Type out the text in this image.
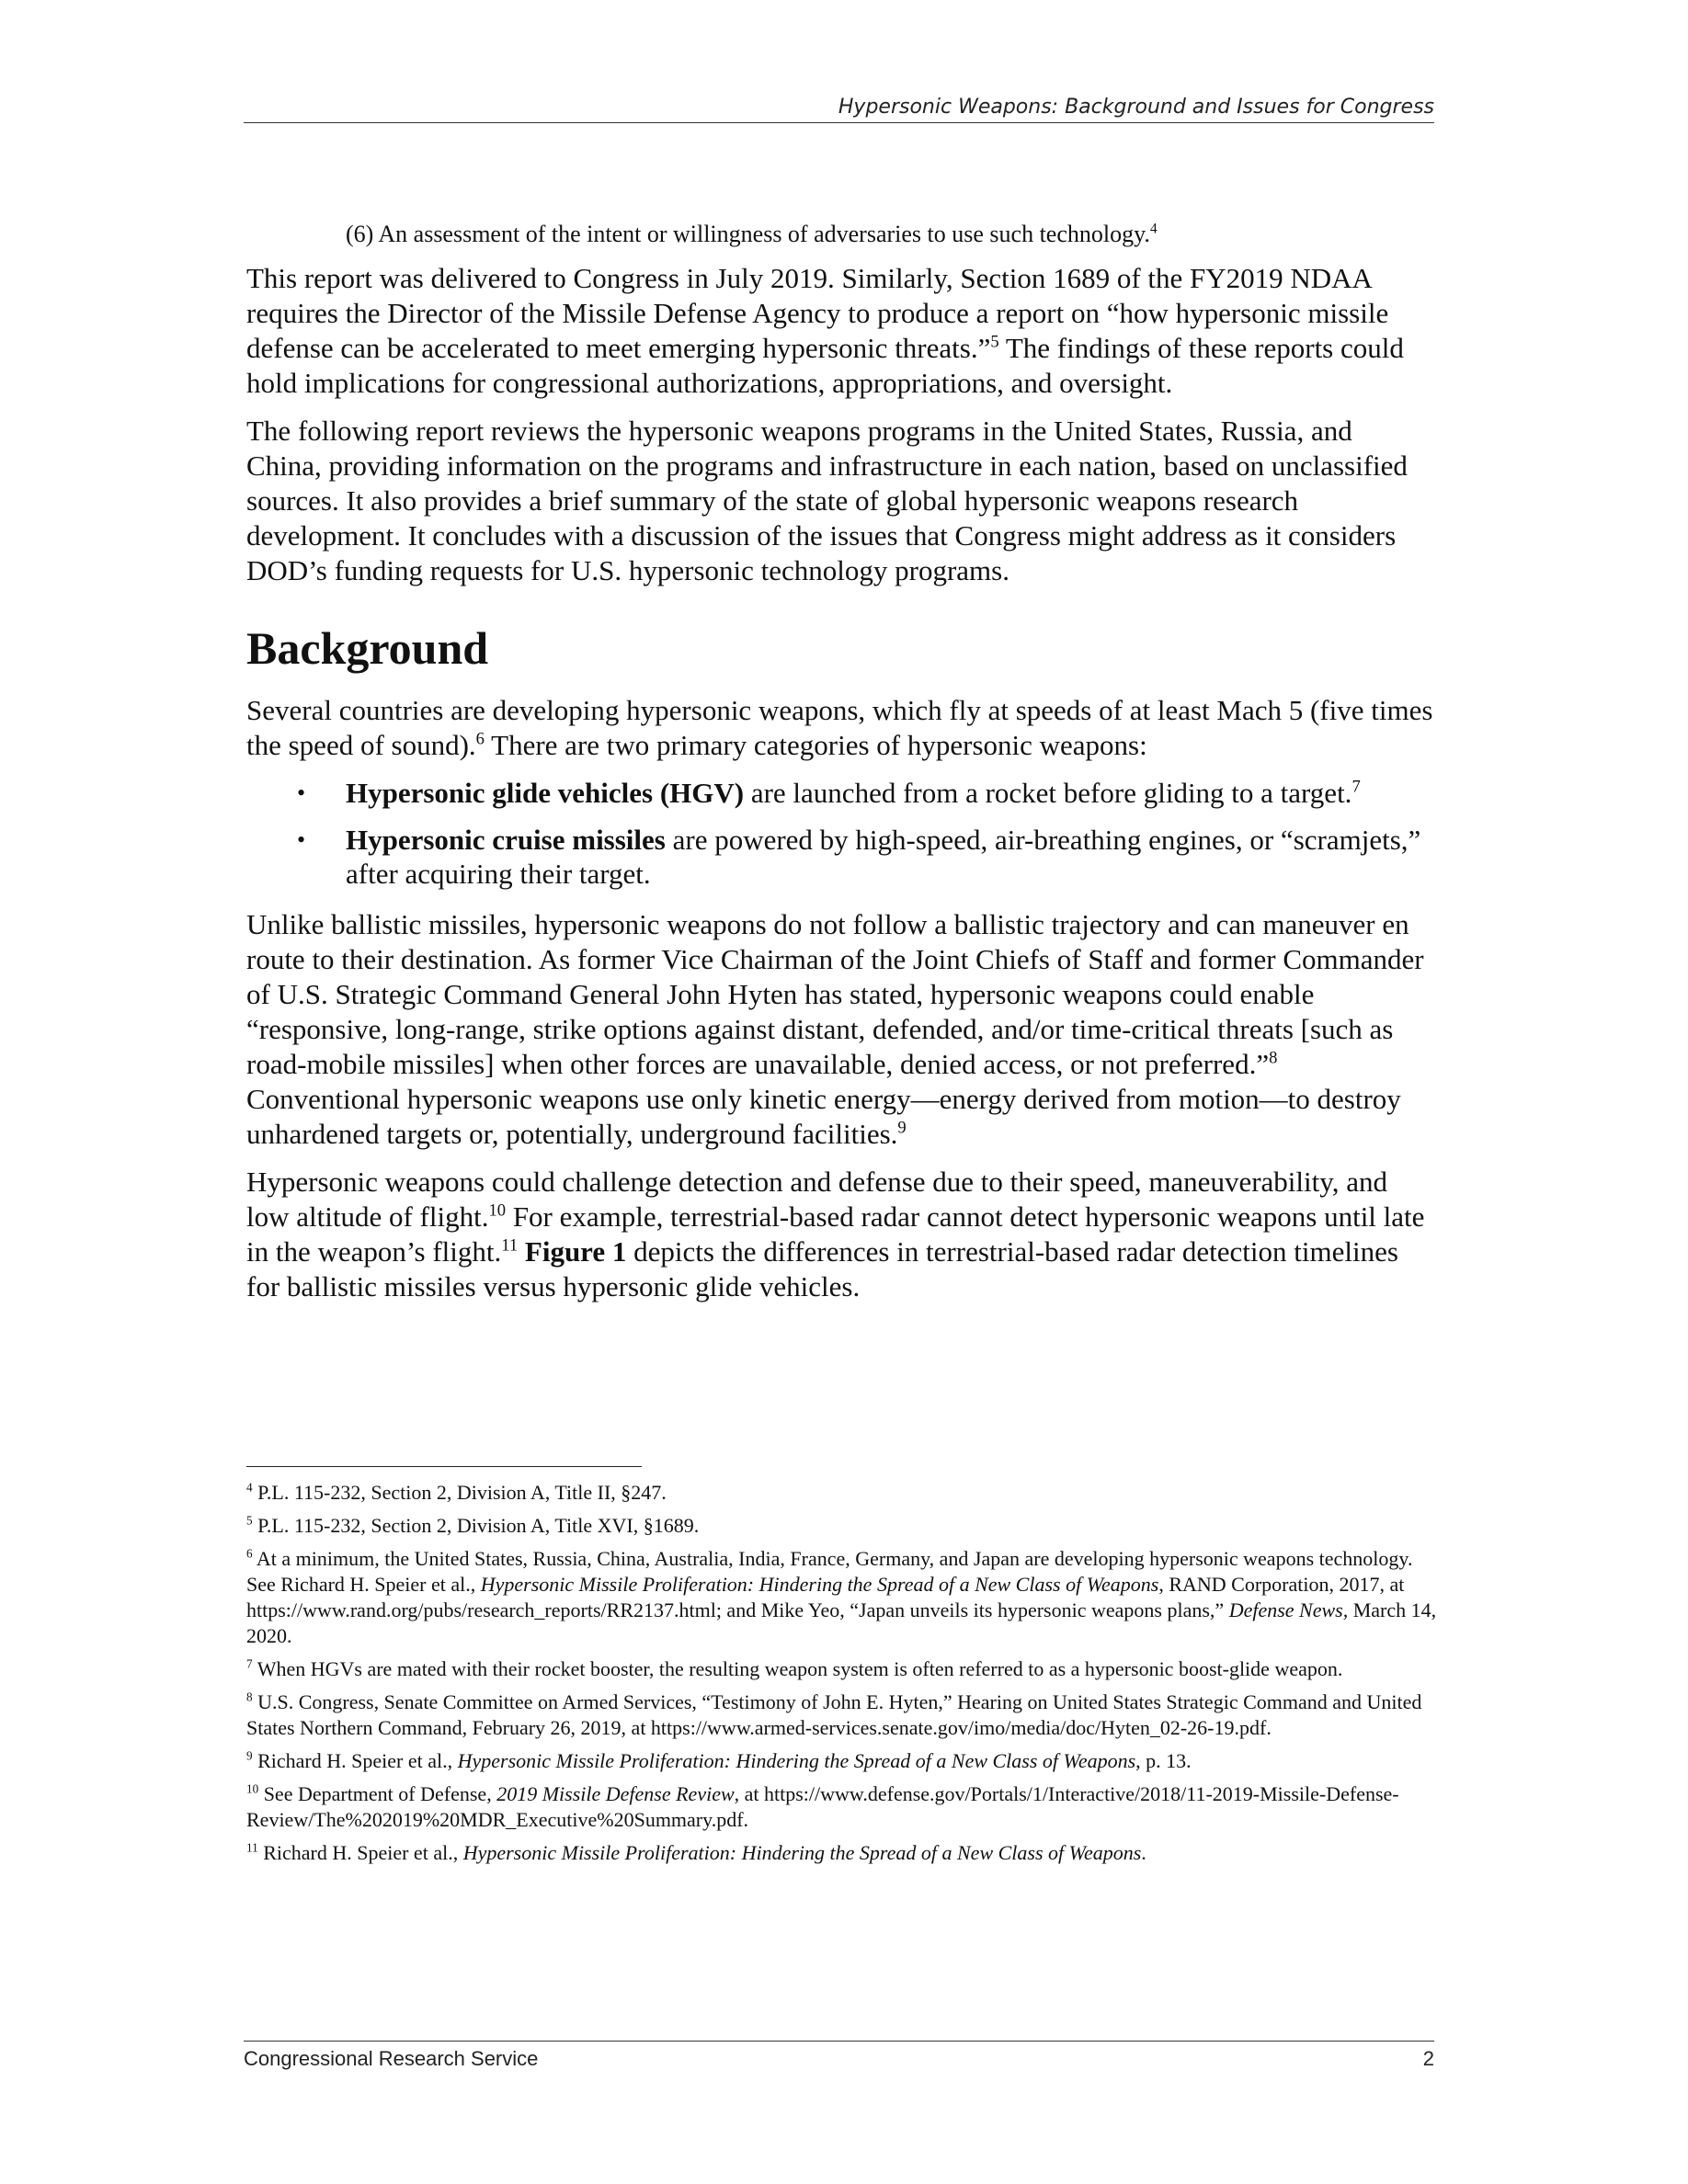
Hypersonic Weapons: Background and Issues for Congress

(6) An assessment of the intent or willingness of adversaries to use such technology.$^4$

This report was delivered to Congress in July 2019. Similarly, Section 1689 of the FY2019 NDAA requires the Director of the Missile Defense Agency to produce a report on “how hypersonic missile defense can be accelerated to meet emerging hypersonic threats.”$^5$ The findings of these reports could hold implications for congressional authorizations, appropriations, and oversight.

The following report reviews the hypersonic weapons programs in the United States, Russia, and China, providing information on the programs and infrastructure in each nation, based on unclassified sources. It also provides a brief summary of the state of global hypersonic weapons research development. It concludes with a discussion of the issues that Congress might address as it considers DOD’s funding requests for U.S. hypersonic technology programs.

Background

Several countries are developing hypersonic weapons, which fly at speeds of at least Mach 5 (five times the speed of sound).$^6$ There are two primary categories of hypersonic weapons:

• Hypersonic glide vehicles (HGV) are launched from a rocket before gliding to a target.$^7$
• Hypersonic cruise missiles are powered by high-speed, air-breathing engines, or “scramjets,” after acquiring their target.

Unlike ballistic missiles, hypersonic weapons do not follow a ballistic trajectory and can maneuver en route to their destination. As former Vice Chairman of the Joint Chiefs of Staff and former Commander of U.S. Strategic Command General John Hyten has stated, hypersonic weapons could enable “responsive, long-range, strike options against distant, defended, and/or time-critical threats [such as road-mobile missiles] when other forces are unavailable, denied access, or not preferred.”$^8$ Conventional hypersonic weapons use only kinetic energy—energy derived from motion—to destroy unhardened targets or, potentially, underground facilities.$^9$

Hypersonic weapons could challenge detection and defense due to their speed, maneuverability, and low altitude of flight.$^{10}$ For example, terrestrial-based radar cannot detect hypersonic weapons until late in the weapon’s flight.$^{11}$ Figure 1 depicts the differences in terrestrial-based radar detection timelines for ballistic missiles versus hypersonic glide vehicles.

$^4$ P.L. 115-232, Section 2, Division A, Title II, §247.

$^5$ P.L. 115-232, Section 2, Division A, Title XVI, §1689.

$^6$ At a minimum, the United States, Russia, China, Australia, India, France, Germany, and Japan are developing hypersonic weapons technology. See Richard H. Speier et al., Hypersonic Missile Proliferation: Hindering the Spread of a New Class of Weapons, RAND Corporation, 2017, at https://www.rand.org/pubs/research_reports/RR2137.html; and Mike Yeo, “Japan unveils its hypersonic weapons plans,” Defense News, March 14, 2020.

$^7$ When HGVs are mated with their rocket booster, the resulting weapon system is often referred to as a hypersonic boost-glide weapon.

$^8$ U.S. Congress, Senate Committee on Armed Services, “Testimony of John E. Hyten,” Hearing on United States Strategic Command and United States Northern Command, February 26, 2019, at https://www.armed-services.senate.gov/imo/media/doc/Hyten_02-26-19.pdf.

$^9$ Richard H. Speier et al., Hypersonic Missile Proliferation: Hindering the Spread of a New Class of Weapons, p. 13.

$^{10}$ See Department of Defense, 2019 Missile Defense Review, at https://www.defense.gov/Portals/1/Interactive/2018/11-2019-Missile-Defense-Review/The%202019%20MDR_Executive%20Summary.pdf.

$^{11}$ Richard H. Speier et al., Hypersonic Missile Proliferation: Hindering the Spread of a New Class of Weapons.

Congressional Research Service	2
